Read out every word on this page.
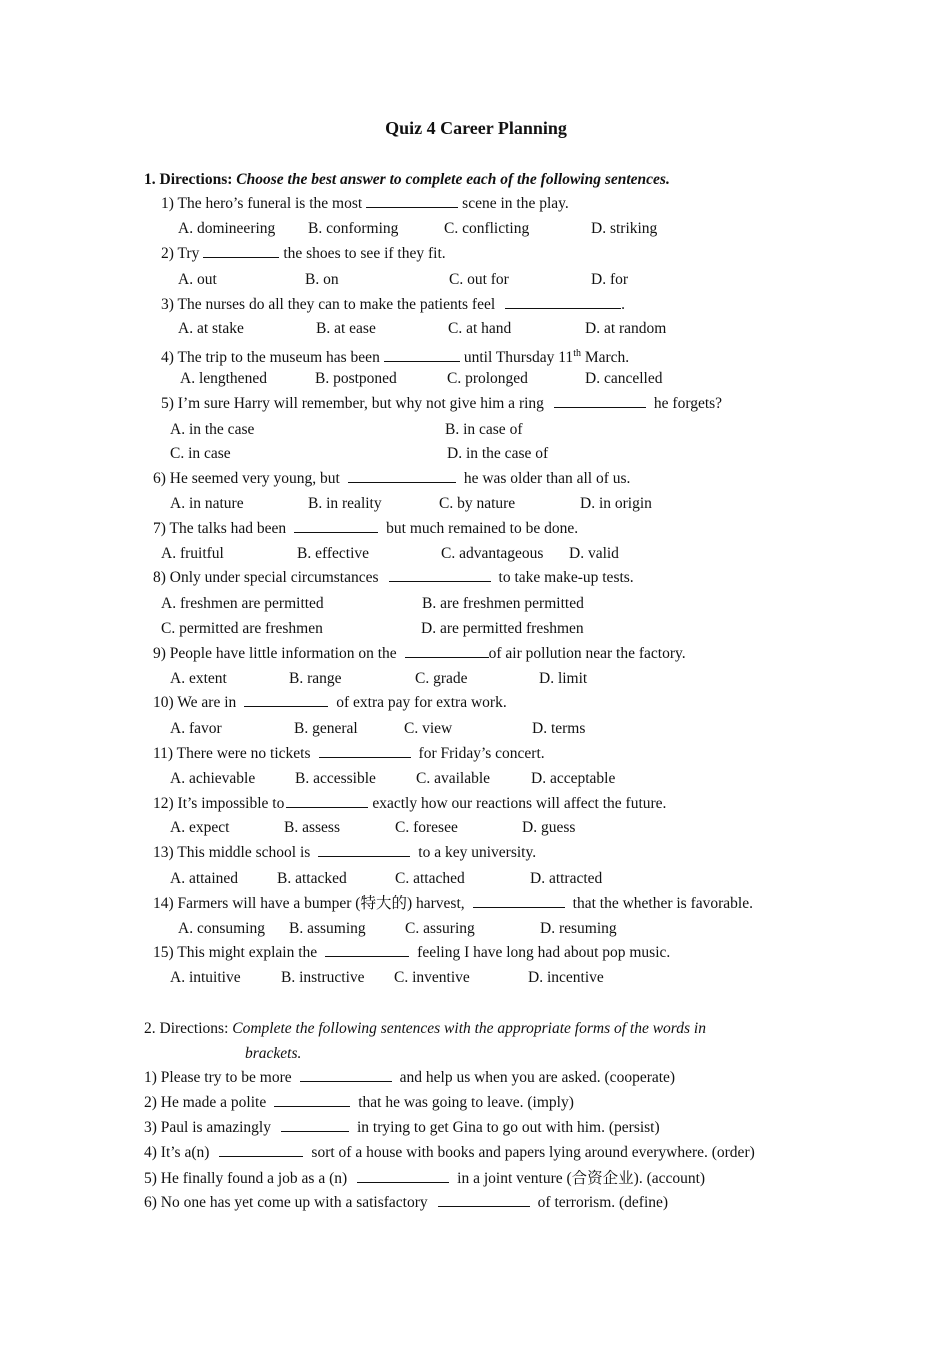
Quiz 4 Career Planning
1. Directions: Choose the best answer to complete each of the following sentences.
1) The hero’s funeral is the most	scene in the play.
A. domineering B. conforming	C. conflicting	D. striking
2) Try	the shoes to see if they fit.
A. out	B. on	C. out for	D. for
3) The nurses do all they can to make the patients feel	.
A. at stake	B. at ease	C. at hand	D. at random
4) The trip to the museum has been	until Thursday 11th March.
A. lengthened	B. postponed	C. prolonged	D. cancelled
5) I’m sure Harry will remember, but why not give him a ring	he forgets?
A. in the case	B. in case of
C. in case	D. in the case of
6) He seemed very young, but	he was older than all of us.
A. in nature	B. in reality	C. by nature	D. in origin
7) The talks had been	but much remained to be done.
A. fruitful	B. effective	C. advantageous D. valid
8) Only under special circumstances	to take make-up tests.
A. freshmen are permitted	B. are freshmen permitted
C. permitted are freshmen	D. are permitted freshmen
9) People have little information on the	of air pollution near the factory.
A. extent	B. range	C. grade	D. limit
10) We are in	of extra pay for extra work.
A. favor	B. general	C. view	D. terms
11) There were no tickets	for Friday’s concert.
A. achievable	B. accessible	C. available	D. acceptable
12) It’s impossible to	exactly how our reactions will affect the future.
A. expect	B. assess	C. foresee	D. guess
13) This middle school is	to a key university.
A. attained	B. attacked	C. attached	D. attracted
14) Farmers will have a bumper (特大的) harvest,	that the whether is favorable.
A. consuming B. assuming	C. assuring	D. resuming
15) This might explain the	feeling I have long had about pop music.
A. intuitive	B. instructive C. inventive	D. incentive
2. Directions: Complete the following sentences with the appropriate forms of the words in
brackets.
1) Please try to be more	and help us when you are asked. (cooperate)
2) He made a polite	that he was going to leave. (imply)
3) Paul is amazingly	in trying to get Gina to go out with him. (persist)
4) It’s a(n)	sort of a house with books and papers lying around everywhere. (order)
5) He finally found a job as a (n)	in a joint venture (合资企业). (account)
6) No one has yet come up with a satisfactory	of terrorism. (define)
